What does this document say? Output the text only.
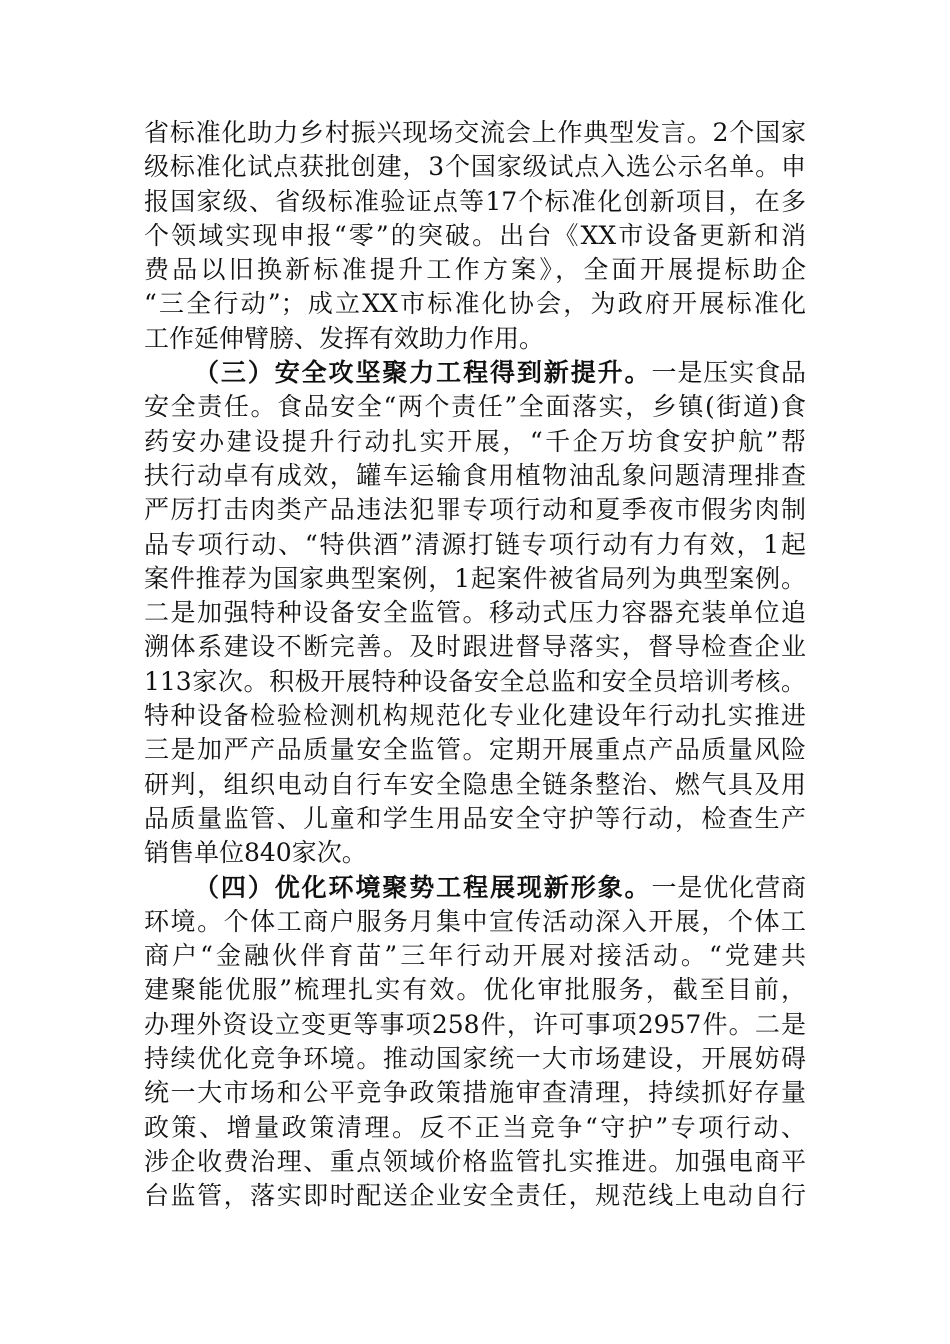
省标准化助力乡村振兴现场交流会上作典型发言。2个国家
级标准化试点获批创建，3个国家级试点入选公示名单。申
报国家级、省级标准验证点等17个标准化创新项目，在多
个领域实现申报“零”的突破。出台《XX市设备更新和消
费品以旧换新标准提升工作方案》，全面开展提标助企
“三全行动”；成立XX市标准化协会，为政府开展标准化
工作延伸臂膀、发挥有效助力作用。
（三）安全攻坚聚力工程得到新提升。一是压实食品
安全责任。食品安全“两个责任”全面落实，乡镇(街道)食
药安办建设提升行动扎实开展，“千企万坊食安护航”帮
扶行动卓有成效，罐车运输食用植物油乱象问题清理排查
严厉打击肉类产品违法犯罪专项行动和夏季夜市假劣肉制
品专项行动、“特供酒”清源打链专项行动有力有效，1起
案件推荐为国家典型案例，1起案件被省局列为典型案例。
二是加强特种设备安全监管。移动式压力容器充装单位追
溯体系建设不断完善。及时跟进督导落实，督导检查企业
113家次。积极开展特种设备安全总监和安全员培训考核。
特种设备检验检测机构规范化专业化建设年行动扎实推进
三是加严产品质量安全监管。定期开展重点产品质量风险
研判，组织电动自行车安全隐患全链条整治、燃气具及用
品质量监管、儿童和学生用品安全守护等行动，检查生产
销售单位840家次。
（四）优化环境聚势工程展现新形象。一是优化营商
环境。个体工商户服务月集中宣传活动深入开展，个体工
商户“金融伙伴育苗”三年行动开展对接活动。“党建共
建聚能优服”梳理扎实有效。优化审批服务，截至目前，
办理外资设立变更等事项258件，许可事项2957件。二是
持续优化竞争环境。推动国家统一大市场建设，开展妨碍
统一大市场和公平竞争政策措施审查清理，持续抓好存量
政策、增量政策清理。反不正当竞争“守护”专项行动、
涉企收费治理、重点领域价格监管扎实推进。加强电商平
台监管，落实即时配送企业安全责任，规范线上电动自行
